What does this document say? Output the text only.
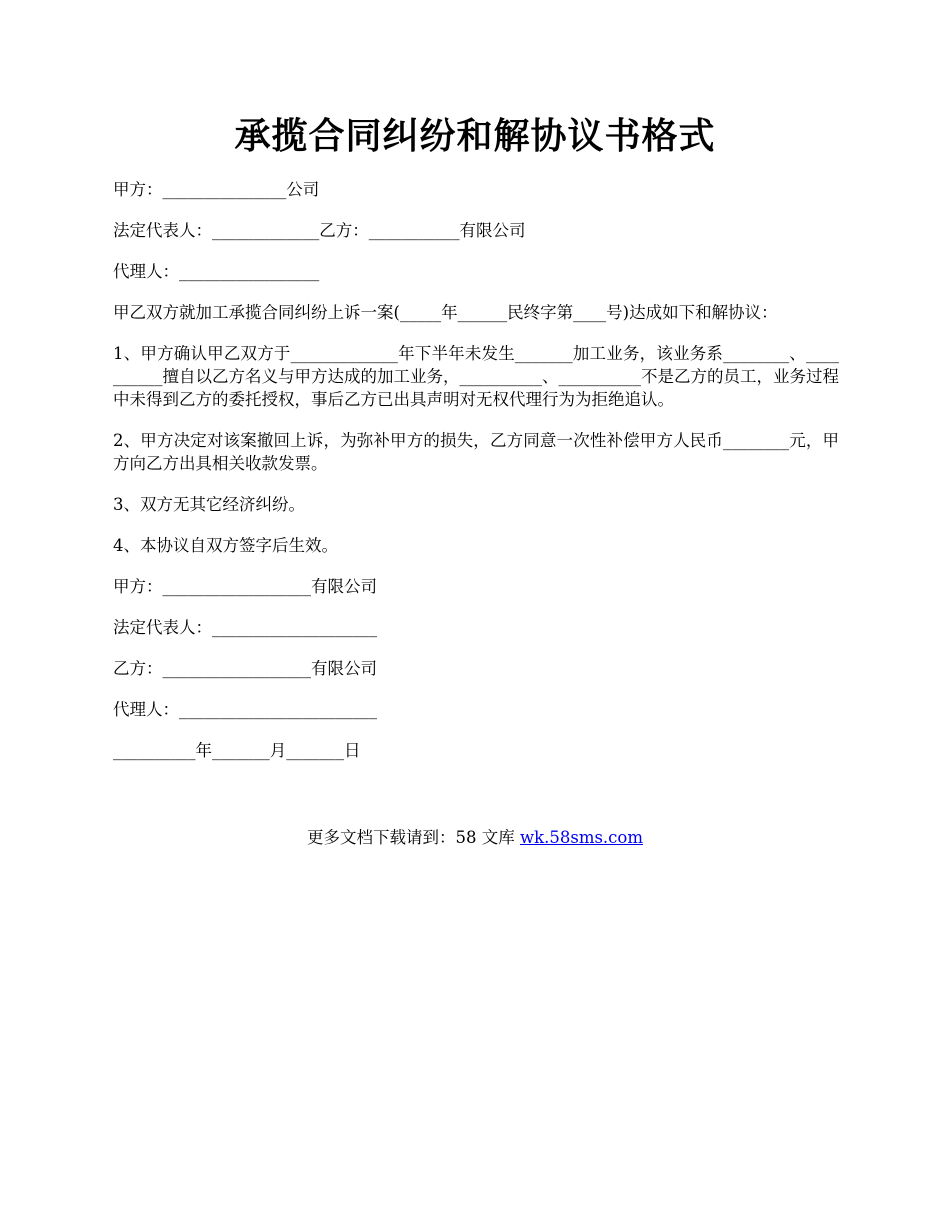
承揽合同纠纷和解协议书格式

甲方：_______________公司

法定代表人：_____________乙方：___________有限公司

代理人：_________________

甲乙双方就加工承揽合同纠纷上诉一案(_____年______民终字第____号)达成如下和解协议：

1、甲方确认甲乙双方于_____________年下半年未发生_______加工业务，该业务系________、__________擅自以乙方名义与甲方达成的加工业务，__________、__________不是乙方的员工，业务过程中未得到乙方的委托授权，事后乙方已出具声明对无权代理行为为拒绝追认。

2、甲方决定对该案撤回上诉，为弥补甲方的损失，乙方同意一次性补偿甲方人民币________元，甲方向乙方出具相关收款发票。

3、双方无其它经济纠纷。

4、本协议自双方签字后生效。

甲方：__________________有限公司

法定代表人：____________________

乙方：__________________有限公司

代理人：________________________

__________年_______月_______日

更多文档下载请到：58 文库 wk.58sms.com
